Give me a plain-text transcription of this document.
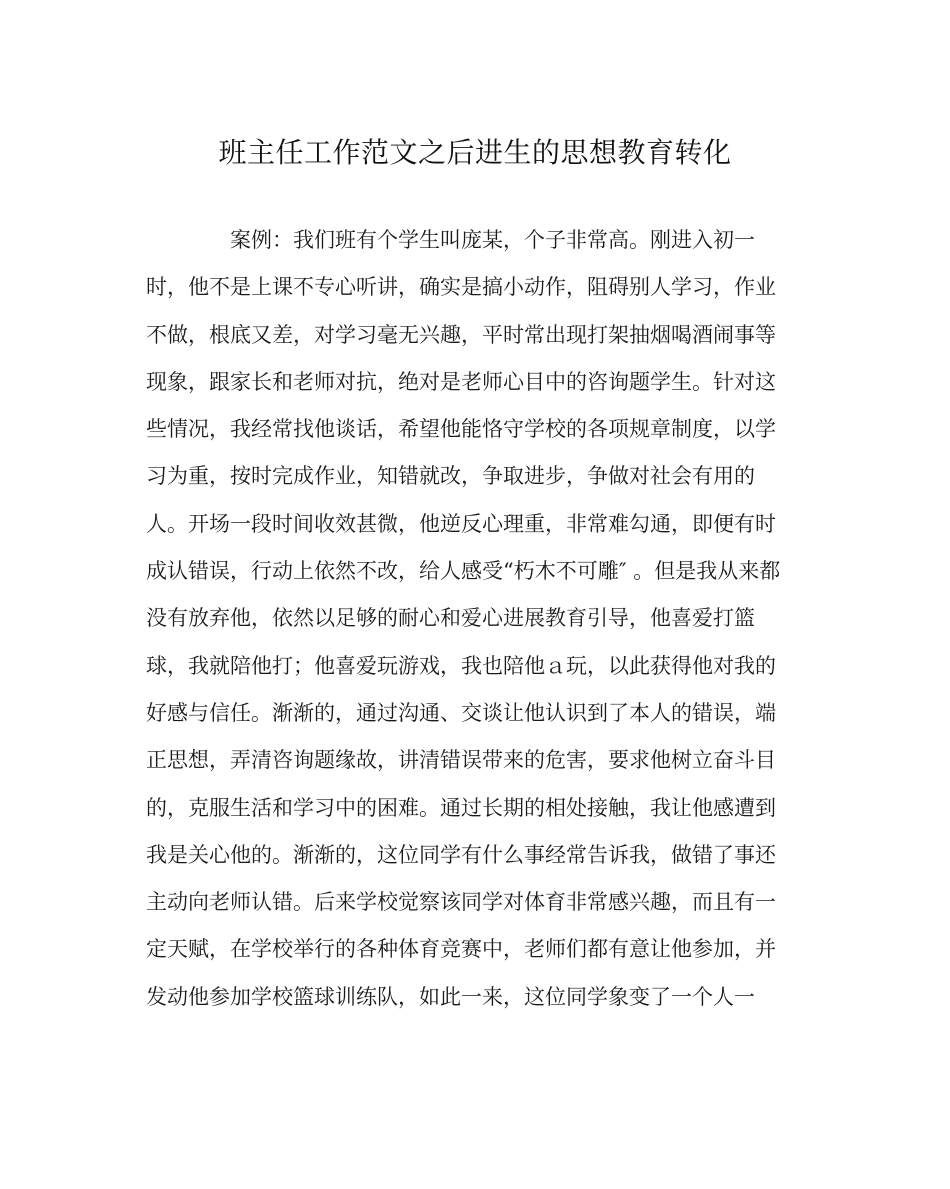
班主任工作范文之后进生的思想教育转化
案例：我们班有个学生叫庞某，个子非常高。刚进入初一
时，他不是上课不专心听讲，确实是搞小动作，阻碍别人学习，作业
不做，根底又差，对学习毫无兴趣，平时常出现打架抽烟喝酒闹事等
现象，跟家长和老师对抗，绝对是老师心目中的咨询题学生。针对这
些情况，我经常找他谈话，希望他能恪守学校的各项规章制度，以学
习为重，按时完成作业，知错就改，争取进步，争做对社会有用的
人。开场一段时间收效甚微，他逆反心理重，非常难勾通，即便有时
成认错误，行动上依然不改，给人感受“朽木不可雕″ 。但是我从来都
没有放弃他，依然以足够的耐心和爱心进展教育引导，他喜爱打篮
球，我就陪他打；他喜爱玩游戏，我也陪他ａ玩，以此获得他对我的
好感与信任。渐渐的，通过沟通、交谈让他认识到了本人的错误，端
正思想，弄清咨询题缘故，讲清错误带来的危害，要求他树立奋斗目
的，克服生活和学习中的困难。通过长期的相处接触，我让他感遭到
我是关心他的。渐渐的，这位同学有什么事经常告诉我，做错了事还
主动向老师认错。后来学校觉察该同学对体育非常感兴趣，而且有一
定天赋，在学校举行的各种体育竞赛中，老师们都有意让他参加，并
发动他参加学校篮球训练队，如此一来，这位同学象变了一个人一
